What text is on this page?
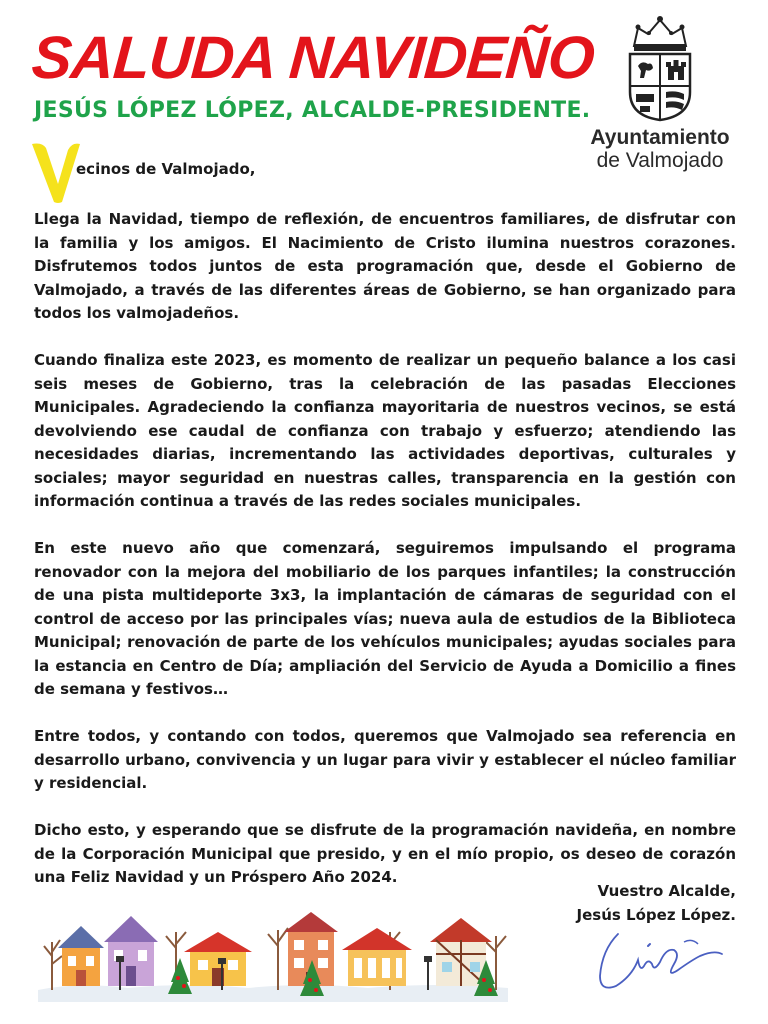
SALUDA NAVIDEÑO
JESÚS LÓPEZ LÓPEZ, ALCALDE-PRESIDENTE.
Ayuntamiento
de Valmojado
ecinos de Valmojado,

Llega la Navidad, tiempo de reflexión, de encuentros familiares, de disfrutar con la familia y los amigos. El Nacimiento de Cristo ilumina nuestros corazones. Disfrutemos todos juntos de esta programación que, desde el Gobierno de Valmojado, a través de las diferentes áreas de Gobierno, se han organizado para todos los valmojadeños.

Cuando finaliza este 2023, es momento de realizar un pequeño balance a los casi seis meses de Gobierno, tras la celebración de las pasadas Elecciones Municipales. Agradeciendo la confianza mayoritaria de nuestros vecinos, se está devolviendo ese caudal de confianza con trabajo y esfuerzo; atendiendo las necesidades diarias, incrementando las actividades deportivas, culturales y sociales; mayor seguridad en nuestras calles, transparencia en la gestión con información continua a través de las redes sociales municipales.

En este nuevo año que comenzará, seguiremos impulsando el programa renovador con la mejora del mobiliario de los parques infantiles; la construcción de una pista multideporte 3x3, la implantación de cámaras de seguridad con el control de acceso por las principales vías; nueva aula de estudios de la Biblioteca Municipal; renovación de parte de los vehículos municipales; ayudas sociales para la estancia en Centro de Día; ampliación del Servicio de Ayuda a Domicilio a fines de semana y festivos…

Entre todos, y contando con todos, queremos que Valmojado sea referencia en desarrollo urbano, convivencia y un lugar para vivir y establecer el núcleo familiar y residencial.

Dicho esto, y esperando que se disfrute de la programación navideña, en nombre de la Corporación Municipal que presido, y en el mío propio, os deseo de corazón una Feliz Navidad y un Próspero Año 2024.

Vuestro Alcalde,
Jesús López López.
